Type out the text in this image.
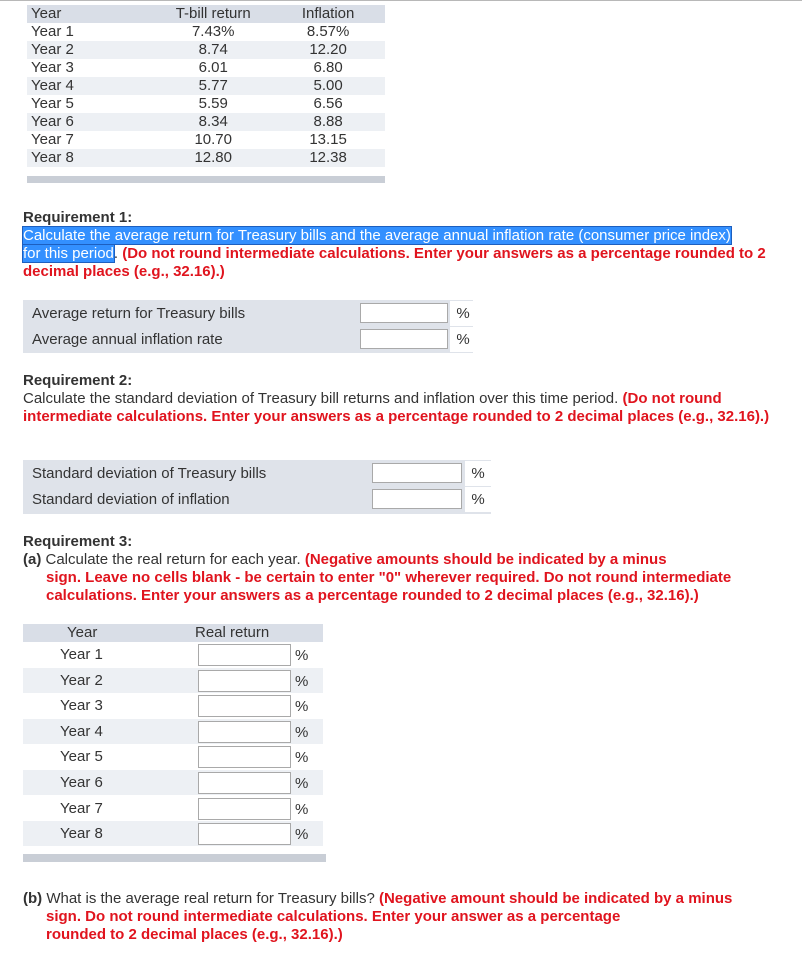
Year	T-bill return	Inflation
Year 1	7.43%	8.57%
Year 2	8.74	12.20
Year 3	6.01	6.80
Year 4	5.77	5.00
Year 5	5.59	6.56
Year 6	8.34	8.88
Year 7	10.70	13.15
Year 8	12.80	12.38
Requirement 1:
Calculate the average return for Treasury bills and the average annual inflation rate (consumer price index)
for this period. (Do not round intermediate calculations. Enter your answers as a percentage rounded to 2 decimal places (e.g., 32.16).)
Average return for Treasury bills	%
Average annual inflation rate	%
Requirement 2:
Calculate the standard deviation of Treasury bill returns and inflation over this time period. (Do not round intermediate calculations. Enter your answers as a percentage rounded to 2 decimal places (e.g., 32.16).)
Standard deviation of Treasury bills	%
Standard deviation of inflation	%
Requirement 3:
(a) Calculate the real return for each year. (Negative amounts should be indicated by a minus
sign. Leave no cells blank - be certain to enter "0" wherever required. Do not round intermediate
calculations. Enter your answers as a percentage rounded to 2 decimal places (e.g., 32.16).)
Year	Real return
Year 1	%
Year 2	%
Year 3	%
Year 4	%
Year 5	%
Year 6	%
Year 7	%
Year 8	%
(b) What is the average real return for Treasury bills? (Negative amount should be indicated by a minus
sign. Do not round intermediate calculations. Enter your answer as a percentage
rounded to 2 decimal places (e.g., 32.16).)
